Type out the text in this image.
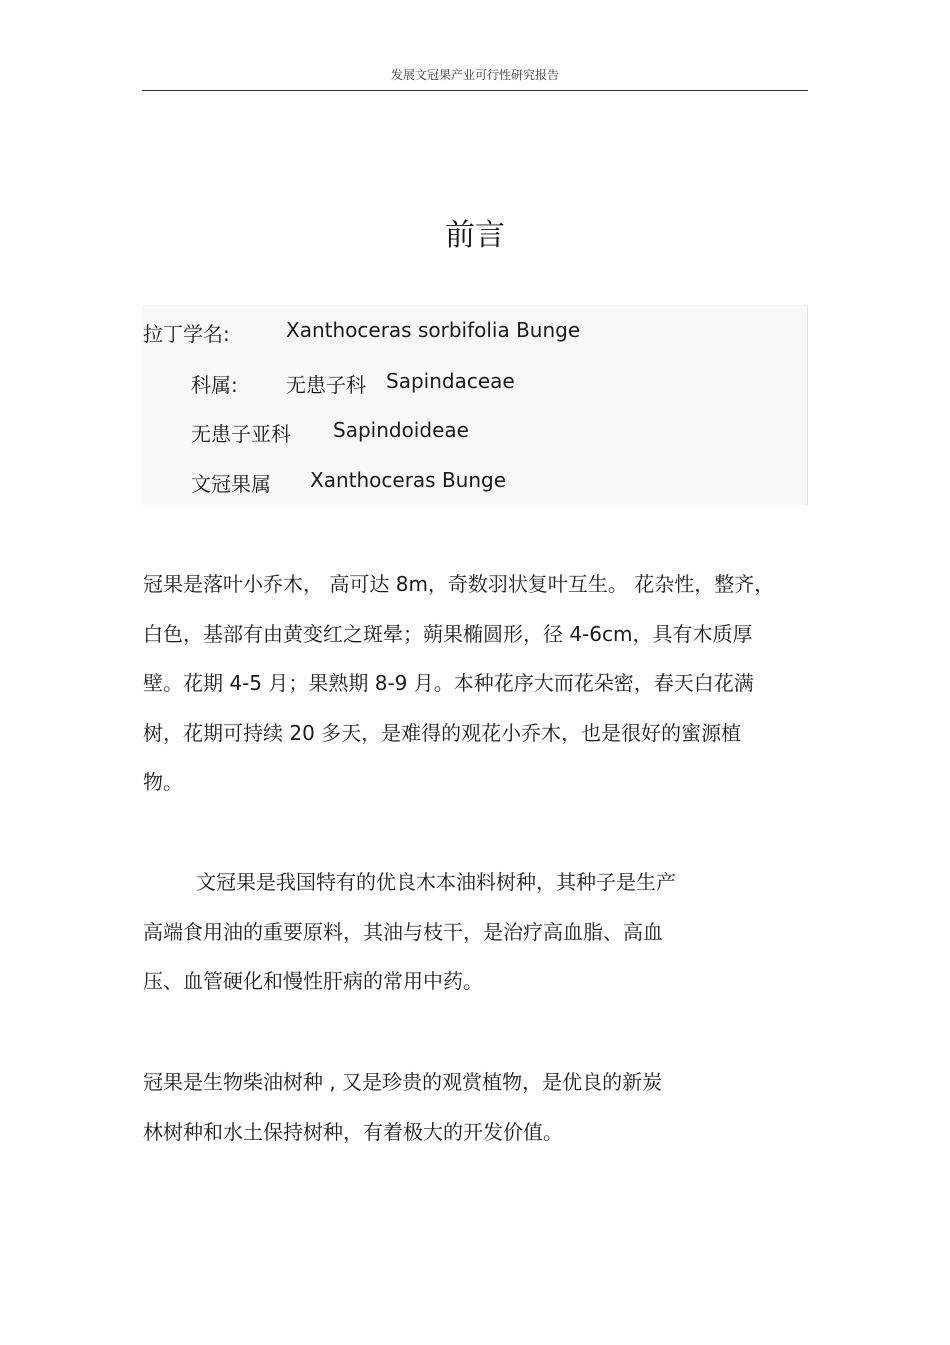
发展文冠果产业可行性研究报告
前言
拉丁学名:	Xanthoceras sorbifolia Bunge
科属: 无患子科 Sapindaceae
无患子亚科 Sapindoideae
文冠果属 Xanthoceras Bunge
冠果是落叶小乔木， 高可达 8m，奇数羽状复叶互生。 花杂性，整齐，
白色，基部有由黄变红之斑晕；蒴果椭圆形，径 4-6cm，具有木质厚
壁。花期 4-5 月；果熟期 8-9 月。本种花序大而花朵密，春天白花满
树，花期可持续 20 多天，是难得的观花小乔木，也是很好的蜜源植
物。
文冠果是我国特有的优良木本油料树种，其种子是生产
高端食用油的重要原料，其油与枝干，是治疗高血脂、高血
压、血管硬化和慢性肝病的常用中药。
冠果是生物柴油树种 , 又是珍贵的观赏植物，是优良的新炭
林树种和水土保持树种，有着极大的开发价值。
